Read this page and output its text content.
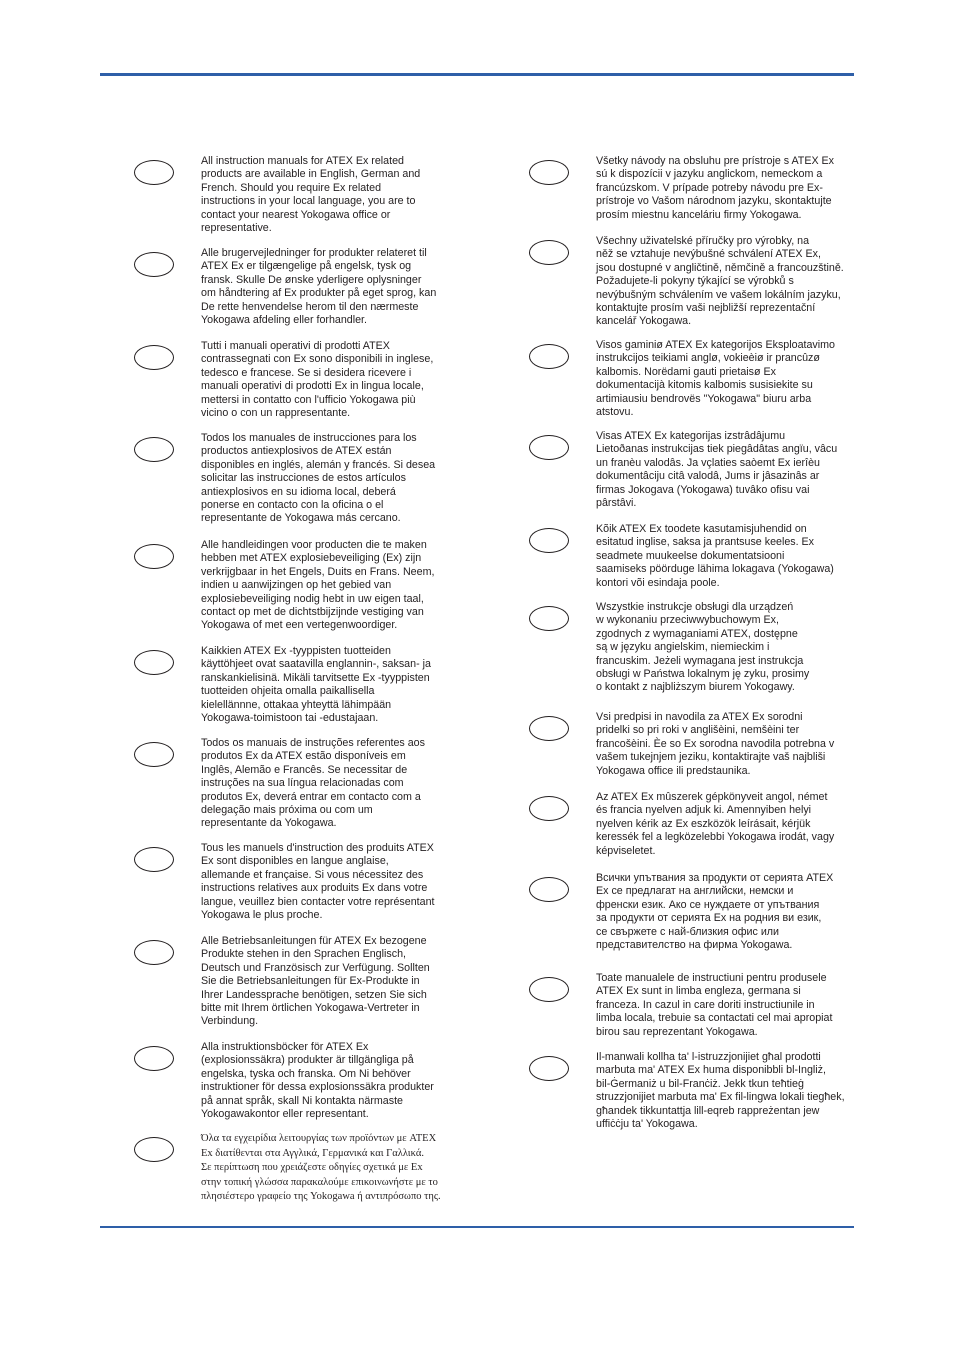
All instruction manuals for ATEX Ex related
products are available in English, German and
French. Should you require Ex related
instructions in your local language, you are to
contact your nearest Yokogawa office or
representative.
Alle brugervejledninger for produkter relateret til
ATEX Ex er tilgængelige på engelsk, tysk og
fransk. Skulle De ønske yderligere oplysninger
om håndtering af Ex produkter på eget sprog, kan
De rette henvendelse herom til den nærmeste
Yokogawa afdeling eller forhandler.
Tutti i manuali operativi di prodotti ATEX
contrassegnati con Ex sono disponibili in inglese,
tedesco e francese. Se si desidera ricevere i
manuali operativi di prodotti Ex in lingua locale,
mettersi in contatto con l'ufficio Yokogawa più
vicino o con un rappresentante.
Todos los manuales de instrucciones para los
productos antiexplosivos de ATEX están
disponibles en inglés, alemán y francés. Si desea
solicitar las instrucciones de estos artículos
antiexplosivos en su idioma local, deberá
ponerse en contacto con la oficina o el
representante de Yokogawa más cercano.
Alle handleidingen voor producten die te maken
hebben met ATEX explosiebeveiliging (Ex) zijn
verkrijgbaar in het Engels, Duits en Frans. Neem,
indien u aanwijzingen op het gebied van
explosiebeveiliging nodig hebt in uw eigen taal,
contact op met de dichtstbijzijnde vestiging van
Yokogawa of met een vertegenwoordiger.
Kaikkien ATEX Ex -tyyppisten tuotteiden
käyttöhjeet ovat saatavilla englannin-, saksan- ja
ranskankielisinä. Mikäli tarvitsette Ex -tyyppisten
tuotteiden ohjeita omalla paikallisella
kielellännne, ottakaa yhteyttä lähimpään
Yokogawa-toimistoon tai -edustajaan.
Todos os manuais de instruções referentes aos
produtos Ex da ATEX estão disponíveis em
Inglês, Alemão e Francês. Se necessitar de
instruções na sua língua relacionadas com
produtos Ex, deverá entrar em contacto com a
delegação mais próxima ou com um
representante da Yokogawa.
Tous les manuels d'instruction des produits ATEX
Ex sont disponibles en langue anglaise,
allemande et française. Si vous nécessitez des
instructions relatives aux produits Ex dans votre
langue, veuillez bien contacter votre représentant
Yokogawa le plus proche.
Alle Betriebsanleitungen für ATEX Ex bezogene
Produkte stehen in den Sprachen Englisch,
Deutsch und Französisch zur Verfügung. Sollten
Sie die Betriebsanleitungen für Ex-Produkte in
Ihrer Landessprache benötigen, setzen Sie sich
bitte mit Ihrem örtlichen Yokogawa-Vertreter in
Verbindung.
Alla instruktionsböcker för ATEX Ex
(explosionssäkra) produkter är tillgängliga på
engelska, tyska och franska. Om Ni behöver
instruktioner för dessa explosionssäkra produkter
på annat språk, skall Ni kontakta närmaste
Yokogawakontor eller representant.
Όλα τα εγχειρίδια λειτουργίας των προϊόντων με ATEX
Ex διατίθενται στα Αγγλικά, Γερμανικά και Γαλλικά.
Σε περίπτωση που χρειάζεστε οδηγίες σχετικά με Ex
στην τοπική γλώσσα παρακαλούμε επικοινωνήστε με το
πλησιέστερο γραφείο της Yokogawa ή αντιπρόσωπο της.
Všetky návody na obsluhu pre prístroje s ATEX Ex
sú k dispozícii v jazyku anglickom, nemeckom a
francúzskom. V prípade potreby návodu pre Ex-
prístroje vo Vašom národnom jazyku, skontaktujte
prosím miestnu kanceláriu firmy Yokogawa.
Všechny uživatelské příručky pro výrobky, na
něž se vztahuje nevýbušné schválení ATEX Ex,
jsou dostupné v angličtině, němčině a francouzštině.
Požadujete-li pokyny týkající se výrobků s
nevýbušným schválením ve vašem lokálním jazyku,
kontaktujte prosím vaši nejbližší reprezentační
kancelář Yokogawa.
Visos gaminiø ATEX Ex kategorijos Eksploatavimo
instrukcijos teikiami anglø, vokieèiø ir prancûzø
kalbomis. Norëdami gauti prietaisø Ex
dokumentacijà kitomis kalbomis susisiekite su
artimiausiu bendrovës "Yokogawa" biuru arba
atstovu.
Visas ATEX Ex kategorijas izstrâdâjumu
Lietoðanas instrukcijas tiek piegâdâtas angïu, vâcu
un franèu valodâs. Ja vçlaties saòemt Ex ierîèu
dokumentâciju citâ valodâ, Jums ir jâsazinâs ar
firmas Jokogava (Yokogawa) tuvâko ofisu vai
pârstâvi.
Kõik ATEX Ex toodete kasutamisjuhendid on
esitatud inglise, saksa ja prantsuse keeles. Ex
seadmete muukeelse dokumentatsiooni
saamiseks pöörduge lähima lokagava (Yokogawa)
kontori või esindaja poole.
Wszystkie instrukcje obsługi dla urządzeń
w wykonaniu przeciwwybuchowym Ex,
zgodnych z wymaganiami ATEX, dostępne
są w języku angielskim, niemieckim i
francuskim. Jeżeli wymagana jest instrukcja
obsługi w Państwa lokalnym ję zyku, prosimy
o kontakt z najbliższym biurem Yokogawy.
Vsi predpisi in navodila za ATEX Ex sorodni
pridelki so pri roki v anglišèini, nemšèini ter
francošèini. Èe so Ex sorodna navodila potrebna v
vašem tukejnjem jeziku, kontaktirajte vaš najbliši
Yokogawa office ili predstaunika.
Az ATEX Ex mûszerek gépkönyveit angol, német
és francia nyelven adjuk ki. Amennyiben helyi
nyelven kérik az Ex eszközök leírásait, kérjük
keressék fel a legközelebbi Yokogawa irodát, vagy
képviseletet.
Всички упътвания за продукти от серията ATEX
Ex се предлагат на английски, немски и
френски език. Ако се нуждаете от упътвания
за продукти от серията Ex на родния ви език,
се свържете с най-близкия офис или
представителство на фирма Yokogawa.
Toate manualele de instructiuni pentru produsele
ATEX Ex sunt in limba engleza, germana si
franceza. In cazul in care doriti instructiunile in
limba locala, trebuie sa contactati cel mai apropiat
birou sau reprezentant Yokogawa.
Il-manwali kollha ta' l-istruzzjonijiet għal prodotti
marbuta ma' ATEX Ex huma disponibbli bl-Ingliż,
bil-Ġermaniż u bil-Franċiż. Jekk tkun teħtieġ
struzzjonijiet marbuta ma' Ex fil-lingwa lokali tiegħek,
għandek tikkuntattja lill-eqreb rappreżentan jew
uffiċċju ta' Yokogawa.
